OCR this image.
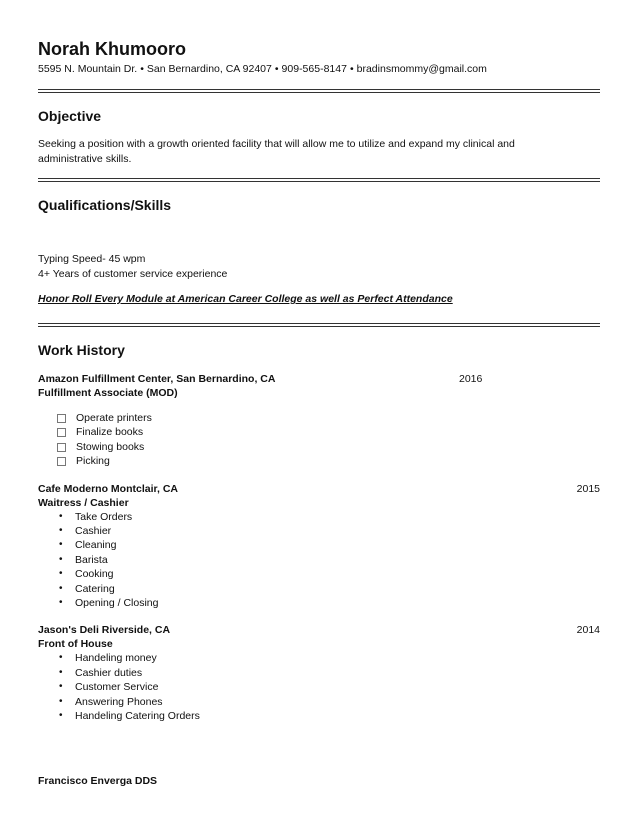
Norah Khumooro
5595 N. Mountain Dr. • San Bernardino, CA 92407 • 909-565-8147 • bradinsmommy@gmail.com
Objective

Seeking a position with a growth oriented facility that will allow me to utilize and expand my clinical and administrative skills.

Qualifications/Skills
Typing Speed- 45 wpm
4+ Years of customer service experience
Honor Roll Every Module at American Career College as well as Perfect Attendance
Work History
Amazon Fulfillment Center, San Bernardino, CA	2016
Fulfillment Associate (MOD)
Operate printers
Finalize books
Stowing books
Picking
Cafe Moderno Montclair, CA	2015
Waitress / Cashier
• Take Orders
• Cashier
• Cleaning
• Barista
• Cooking
• Catering
• Opening / Closing
Jason's Deli Riverside, CA	2014
Front of House
• Handeling money
• Cashier duties
• Customer Service
• Answering Phones
• Handeling Catering Orders
Francisco Enverga DDS
